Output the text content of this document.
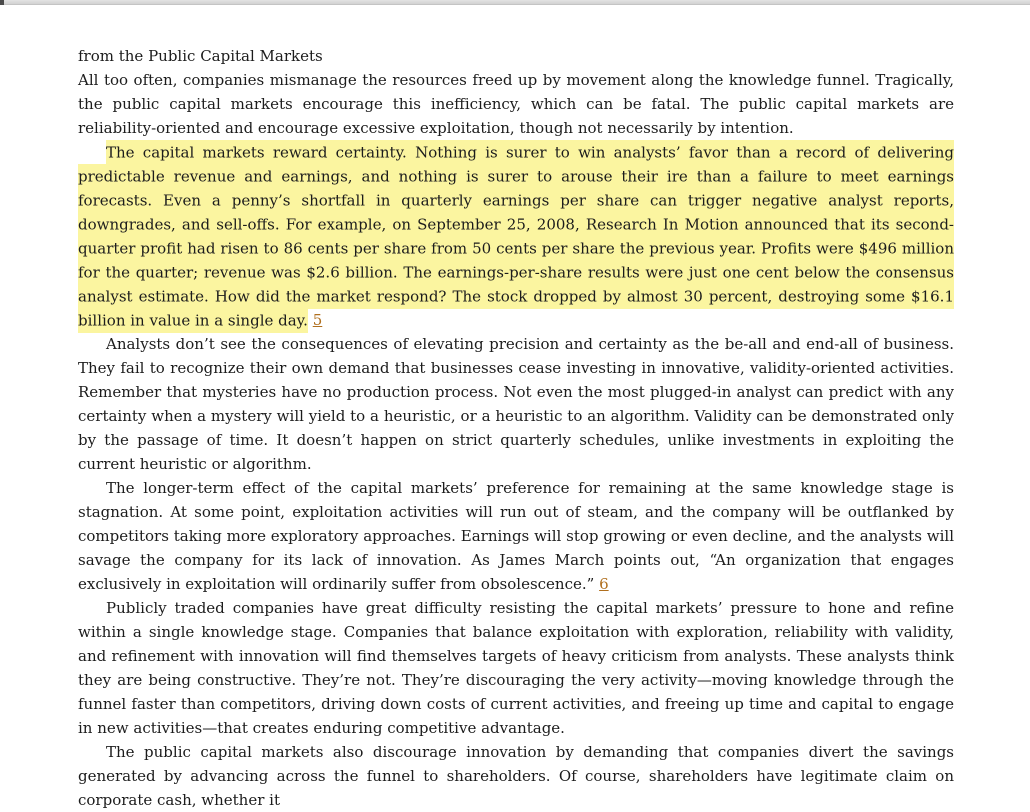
from the Public Capital Markets

All too often, companies mismanage the resources freed up by movement along the knowledge funnel. Tragically, the public capital markets encourage this inefficiency, which can be fatal. The public capital markets are reliability-oriented and encourage excessive exploitation, though not necessarily by intention.

The capital markets reward certainty. Nothing is surer to win analysts’ favor than a record of delivering predictable revenue and earnings, and nothing is surer to arouse their ire than a failure to meet earnings forecasts. Even a penny’s shortfall in quarterly earnings per share can trigger negative analyst reports, downgrades, and sell-offs. For example, on September 25, 2008, Research In Motion announced that its second-quarter profit had risen to 86 cents per share from 50 cents per share the previous year. Profits were $496 million for the quarter; revenue was $2.6 billion. The earnings-per-share results were just one cent below the consensus analyst estimate. How did the market respond? The stock dropped by almost 30 percent, destroying some $16.1 billion in value in a single day. 5

Analysts don’t see the consequences of elevating precision and certainty as the be-all and end-all of business. They fail to recognize their own demand that businesses cease investing in innovative, validity-oriented activities. Remember that mysteries have no production process. Not even the most plugged-in analyst can predict with any certainty when a mystery will yield to a heuristic, or a heuristic to an algorithm. Validity can be demonstrated only by the passage of time. It doesn’t happen on strict quarterly schedules, unlike investments in exploiting the current heuristic or algorithm.

The longer-term effect of the capital markets’ preference for remaining at the same knowledge stage is stagnation. At some point, exploitation activities will run out of steam, and the company will be outflanked by competitors taking more exploratory approaches. Earnings will stop growing or even decline, and the analysts will savage the company for its lack of innovation. As James March points out, “An organization that engages exclusively in exploitation will ordinarily suffer from obsolescence.” 6

Publicly traded companies have great difficulty resisting the capital markets’ pressure to hone and refine within a single knowledge stage. Companies that balance exploitation with exploration, reliability with validity, and refinement with innovation will find themselves targets of heavy criticism from analysts. These analysts think they are being constructive. They’re not. They’re discouraging the very activity—moving knowledge through the funnel faster than competitors, driving down costs of current activities, and freeing up time and capital to engage in new activities—that creates enduring competitive advantage.

The public capital markets also discourage innovation by demanding that companies divert the savings generated by advancing across the funnel to shareholders. Of course, shareholders have legitimate claim on corporate cash, whether it
